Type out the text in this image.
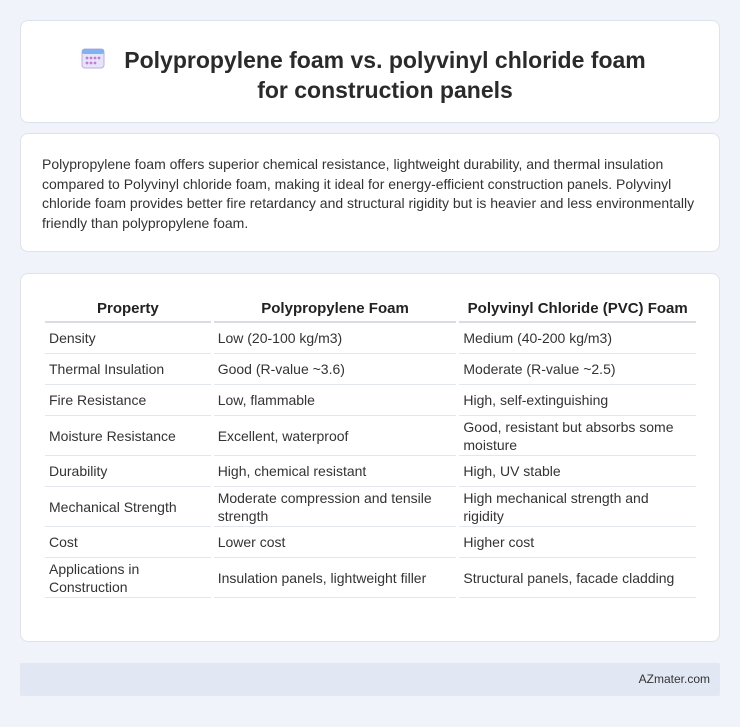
Polypropylene foam vs. polyvinyl chloride foam for construction panels

Polypropylene foam offers superior chemical resistance, lightweight durability, and thermal insulation compared to Polyvinyl chloride foam, making it ideal for energy-efficient construction panels. Polyvinyl chloride foam provides better fire retardancy and structural rigidity but is heavier and less environmentally friendly than polypropylene foam.

Property	Polypropylene Foam	Polyvinyl Chloride (PVC) Foam
Density	Low (20-100 kg/m3)	Medium (40-200 kg/m3)
Thermal Insulation	Good (R-value ~3.6)	Moderate (R-value ~2.5)
Fire Resistance	Low, flammable	High, self-extinguishing
Moisture Resistance	Excellent, waterproof	Good, resistant but absorbs some moisture
Durability	High, chemical resistant	High, UV stable
Mechanical Strength	Moderate compression and tensile strength	High mechanical strength and rigidity
Cost	Lower cost	Higher cost
Applications in Construction	Insulation panels, lightweight filler	Structural panels, facade cladding
AZmater.com
